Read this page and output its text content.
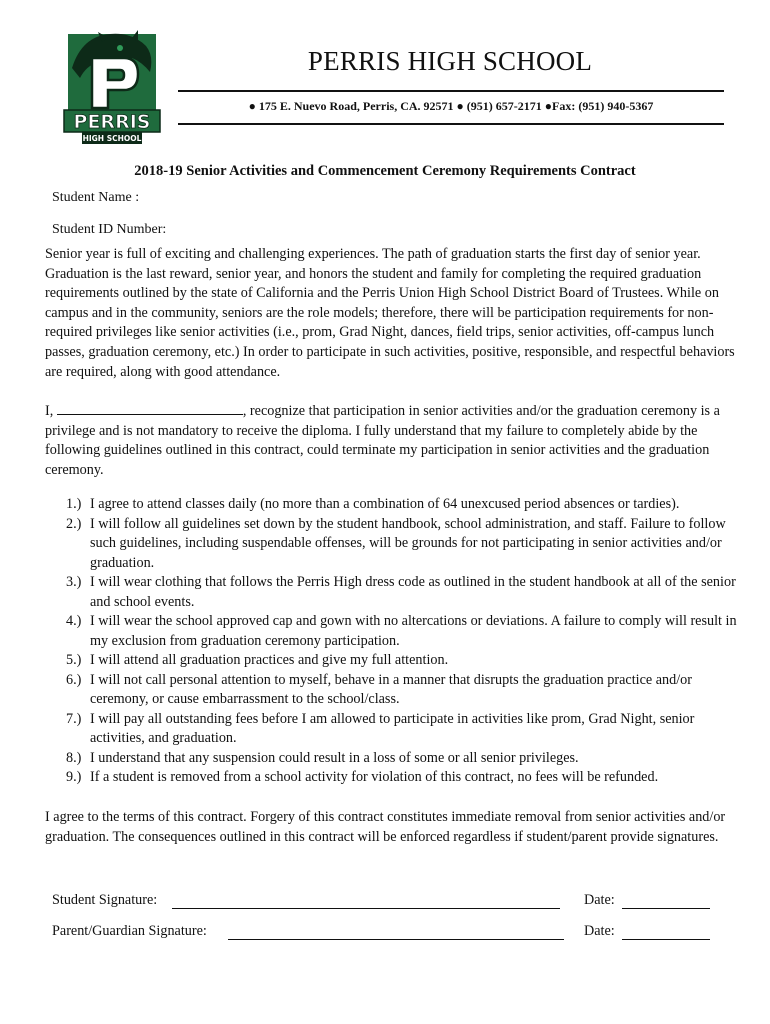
PERRIS
HIGH SCHOOL
PERRIS HIGH SCHOOL
● 175 E. Nuevo Road, Perris, CA. 92571 ● (951) 657-2171 ●Fax: (951) 940-5367
2018-19 Senior Activities and Commencement Ceremony Requirements Contract
Student Name :
Student ID Number:

Senior year is full of exciting and challenging experiences. The path of graduation starts the first day of senior year. Graduation is the last reward, senior year, and honors the student and family for completing the required graduation requirements outlined by the state of California and the Perris Union High School District Board of Trustees. While on campus and in the community, seniors are the role models; therefore, there will be participation requirements for non-required privileges like senior activities (i.e., prom, Grad Night, dances, field trips, senior activities, off-campus lunch passes, graduation ceremony, etc.) In order to participate in such activities, positive, responsible, and respectful behaviors are required, along with good attendance.

I,	, recognize that participation in senior activities and/or the graduation ceremony is a privilege and is not mandatory to receive the diploma. I fully understand that my failure to completely abide by the following guidelines outlined in this contract, could terminate my participation in senior activities and the graduation ceremony.

1.) I agree to attend classes daily (no more than a combination of 64 unexcused period absences or tardies).
2.) I will follow all guidelines set down by the student handbook, school administration, and staff. Failure to follow such guidelines, including suspendable offenses, will be grounds for not participating in senior activities and/or graduation.
3.) I will wear clothing that follows the Perris High dress code as outlined in the student handbook at all of the senior and school events.
4.) I will wear the school approved cap and gown with no altercations or deviations. A failure to comply will result in my exclusion from graduation ceremony participation.
5.) I will attend all graduation practices and give my full attention.
6.) I will not call personal attention to myself, behave in a manner that disrupts the graduation practice and/or ceremony, or cause embarrassment to the school/class.
7.) I will pay all outstanding fees before I am allowed to participate in activities like prom, Grad Night, senior activities, and graduation.
8.) I understand that any suspension could result in a loss of some or all senior privileges.
9.) If a student is removed from a school activity for violation of this contract, no fees will be refunded.

I agree to the terms of this contract. Forgery of this contract constitutes immediate removal from senior activities and/or graduation. The consequences outlined in this contract will be enforced regardless if student/parent provide signatures.

Student Signature:	Date:
Parent/Guardian Signature:	Date:
